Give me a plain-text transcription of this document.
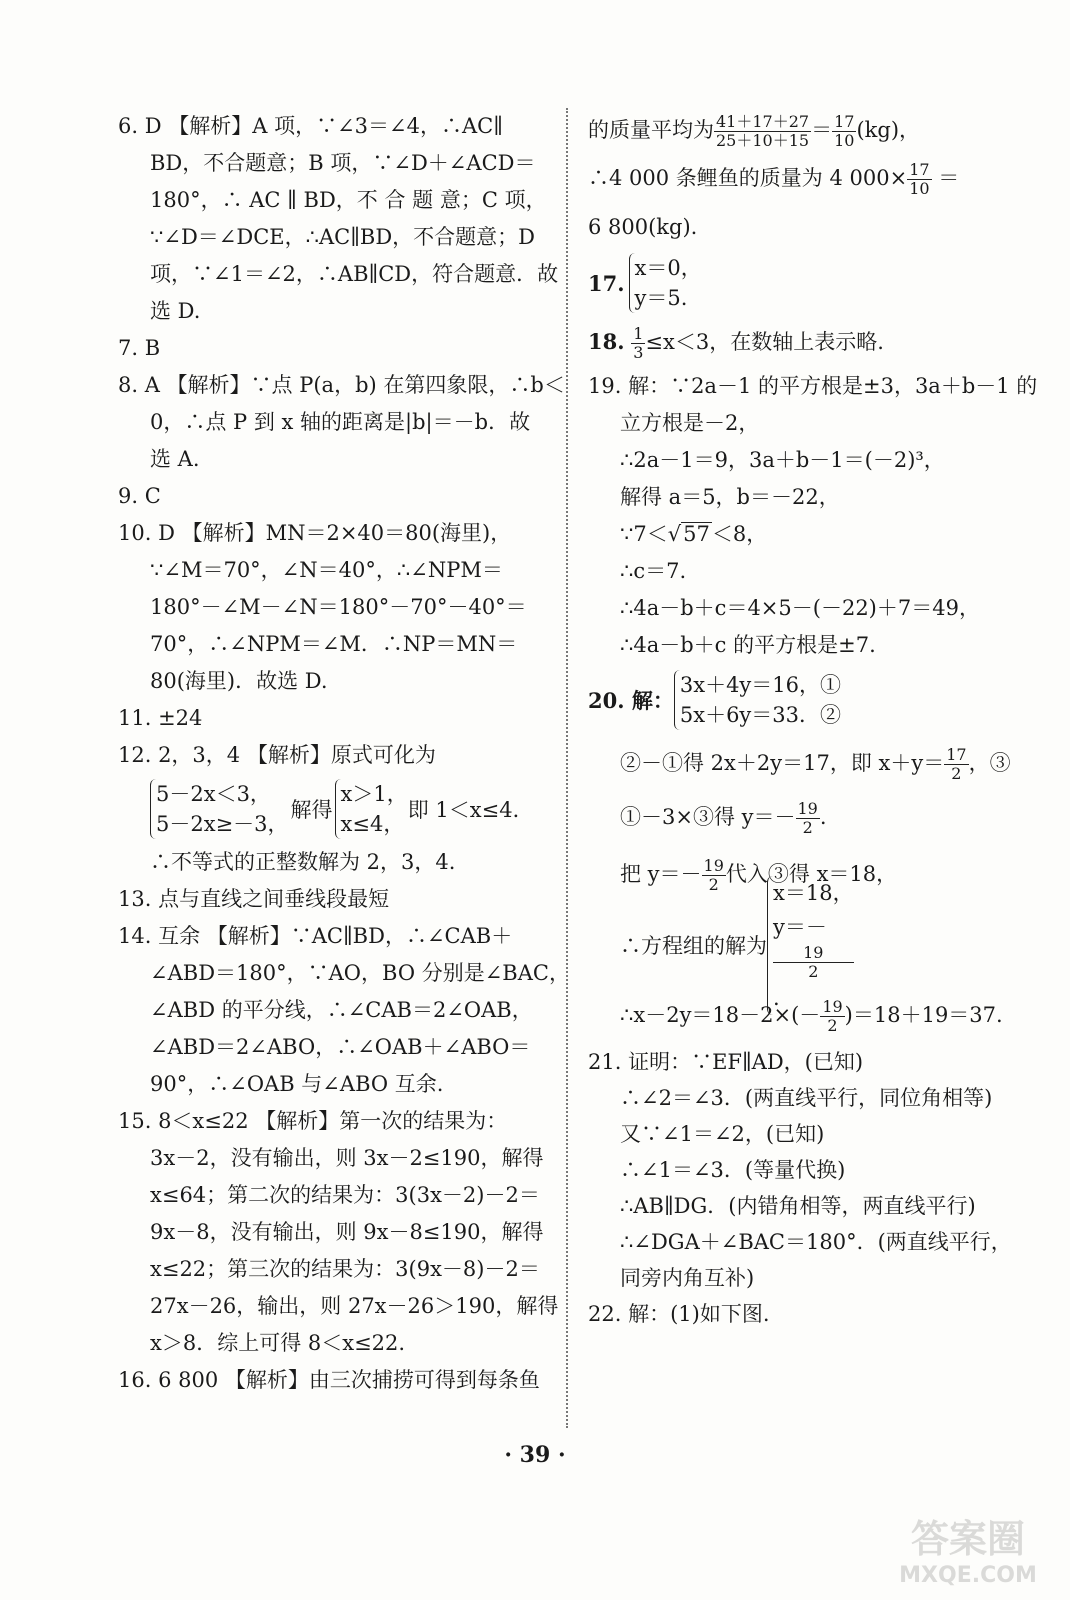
6. D 【解析】A 项，∵∠3＝∠4，∴AC∥
BD，不合题意；B 项，∵∠D＋∠ACD＝
180°，∴ AC ∥ BD，不 合 题 意；C 项，
∵∠D＝∠DCE，∴AC∥BD，不合题意；D
项，∵∠1＝∠2，∴AB∥CD，符合题意．故
选 D.
7. B
8. A 【解析】∵点 P(a，b) 在第四象限，∴b＜
0，∴点 P 到 x 轴的距离是|b|＝－b．故
选 A.
9. C
10. D 【解析】MN＝2×40＝80(海里)，
∵∠M＝70°，∠N＝40°，∴∠NPM＝
180°－∠M－∠N＝180°－70°－40°＝
70°，∴∠NPM＝∠M．∴NP＝MN＝
80(海里)．故选 D.
11. ±24
12. 2，3，4 【解析】原式可化为
5－2x＜3，
5－2x≥－3，
解得
x＞1，
x≤4，
即 1＜x≤4．
∴不等式的正整数解为 2，3，4.
13. 点与直线之间垂线段最短
14. 互余 【解析】∵AC∥BD，∴∠CAB＋
∠ABD＝180°，∵AO，BO 分别是∠BAC，
∠ABD 的平分线，∴∠CAB＝2∠OAB，
∠ABD＝2∠ABO，∴∠OAB＋∠ABO＝
90°，∴∠OAB 与∠ABO 互余.
15. 8＜x≤22 【解析】第一次的结果为：
3x－2，没有输出，则 3x－2≤190，解得
x≤64；第二次的结果为：3(3x－2)－2＝
9x－8，没有输出，则 9x－8≤190，解得
x≤22；第三次的结果为：3(9x－8)－2＝
27x－26，输出，则 27x－26＞190，解得
x＞8．综上可得 8＜x≤22.
16. 6 800 【解析】由三次捕捞可得到每条鱼
的质量平均为 $\frac{41+17+27}{25+10+15} = \frac{17}{10} (kg)$，
∴4 000 条鲤鱼的质量为 4 $000\times \frac{17}{10}$ ＝
6 800(kg).
17.
x＝0，
y＝5.
18. $\frac{1}{3} \le x<3$，在数轴上表示略.
19. 解：∵2a－1 的平方根是±3，3a＋b－1 的
立方根是－2，
∴2a－1＝9，3a＋b－1＝(－2)³，
解得 a＝5，b＝－22，
∵7＜√57＜8，
∴c＝7.
∴4a－b＋c＝4×5－(－22)＋7＝49，
∴4a－b＋c 的平方根是±7.
20. 解：
3x＋4y＝16，①
5x＋6y＝33．②
②－①得 2x＋2y＝17，即 $x+y= \frac{17}{2}$ ，③
①－3×③得 $y=- \frac{19}{2}$ .
把 $y=- \frac{19}{2}$ 代入③得 x＝18，
∴方程组的解为
x＝18，
y＝－
19
2
.
∴x－2y＝18－2×(－ $\frac{19}{2} )=18+19=37$.
21. 证明：∵EF∥AD，(已知)
∴∠2＝∠3．(两直线平行，同位角相等)
又∵∠1＝∠2，(已知)
∴∠1＝∠3．(等量代换)
∴AB∥DG．(内错角相等，两直线平行)
∴∠DGA＋∠BAC＝180°．(两直线平行，
同旁内角互补)
22. 解：(1)如下图.
· 39 ·
答案圈
MXQE.COM
